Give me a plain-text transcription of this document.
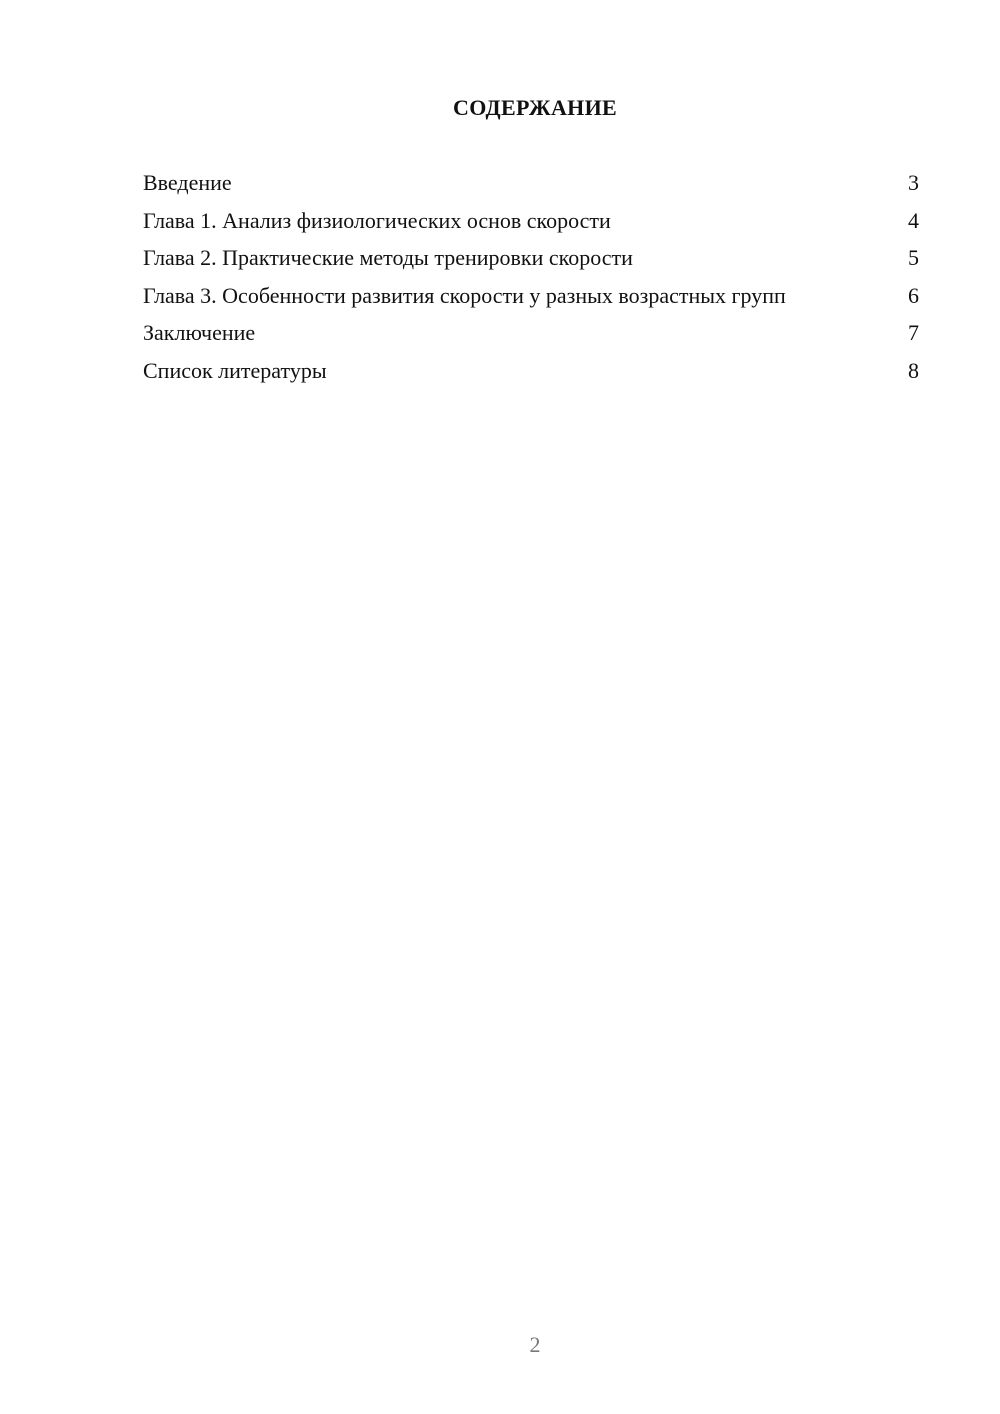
СОДЕРЖАНИЕ
Введение	3
Глава 1. Анализ физиологических основ скорости	4
Глава 2. Практические методы тренировки скорости	5
Глава 3. Особенности развития скорости у разных возрастных групп	6
Заключение	7
Список литературы	8
2
